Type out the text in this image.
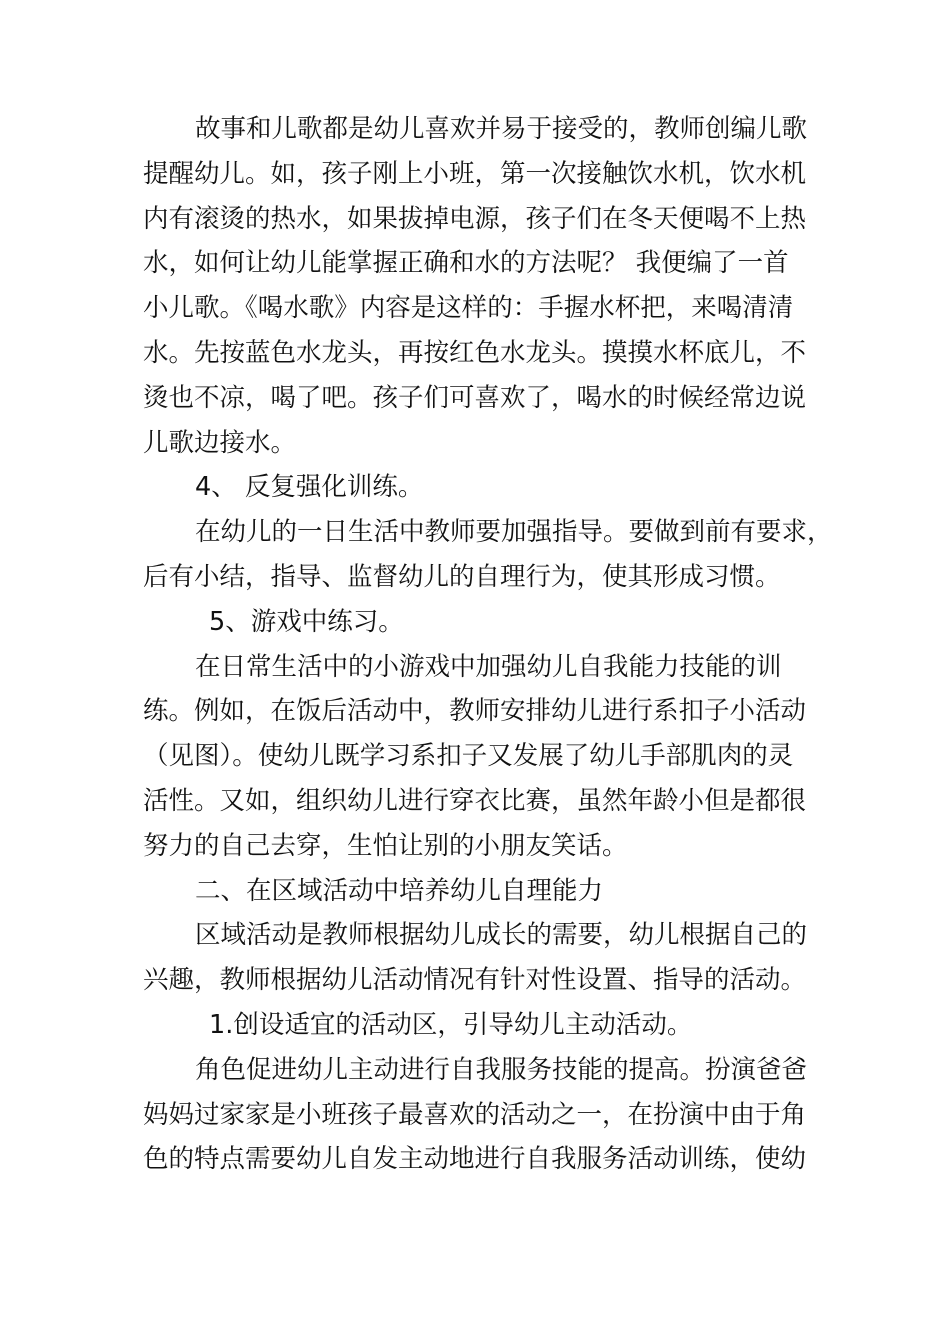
故事和儿歌都是幼儿喜欢并易于接受的，教师创编儿歌
提醒幼儿。如，孩子刚上小班，第一次接触饮水机，饮水机
内有滚烫的热水，如果拔掉电源，孩子们在冬天便喝不上热
水，如何让幼儿能掌握正确和水的方法呢？ 我便编了一首
小儿歌。《喝水歌》内容是这样的：手握水杯把，来喝清清
水。先按蓝色水龙头，再按红色水龙头。摸摸水杯底儿，不
烫也不凉，喝了吧。孩子们可喜欢了，喝水的时候经常边说
儿歌边接水。
4、 反复强化训练。
在幼儿的一日生活中教师要加强指导。要做到前有要求，
后有小结，指导、监督幼儿的自理行为，使其形成习惯。
5、游戏中练习。
在日常生活中的小游戏中加强幼儿自我能力技能的训
练。例如，在饭后活动中，教师安排幼儿进行系扣子小活动
（见图）。使幼儿既学习系扣子又发展了幼儿手部肌肉的灵
活性。又如，组织幼儿进行穿衣比赛，虽然年龄小但是都很
努力的自己去穿，生怕让别的小朋友笑话。
二、在区域活动中培养幼儿自理能力
区域活动是教师根据幼儿成长的需要，幼儿根据自己的
兴趣，教师根据幼儿活动情况有针对性设置、指导的活动。
1.创设适宜的活动区，引导幼儿主动活动。
角色促进幼儿主动进行自我服务技能的提高。扮演爸爸
妈妈过家家是小班孩子最喜欢的活动之一，在扮演中由于角
色的特点需要幼儿自发主动地进行自我服务活动训练，使幼
